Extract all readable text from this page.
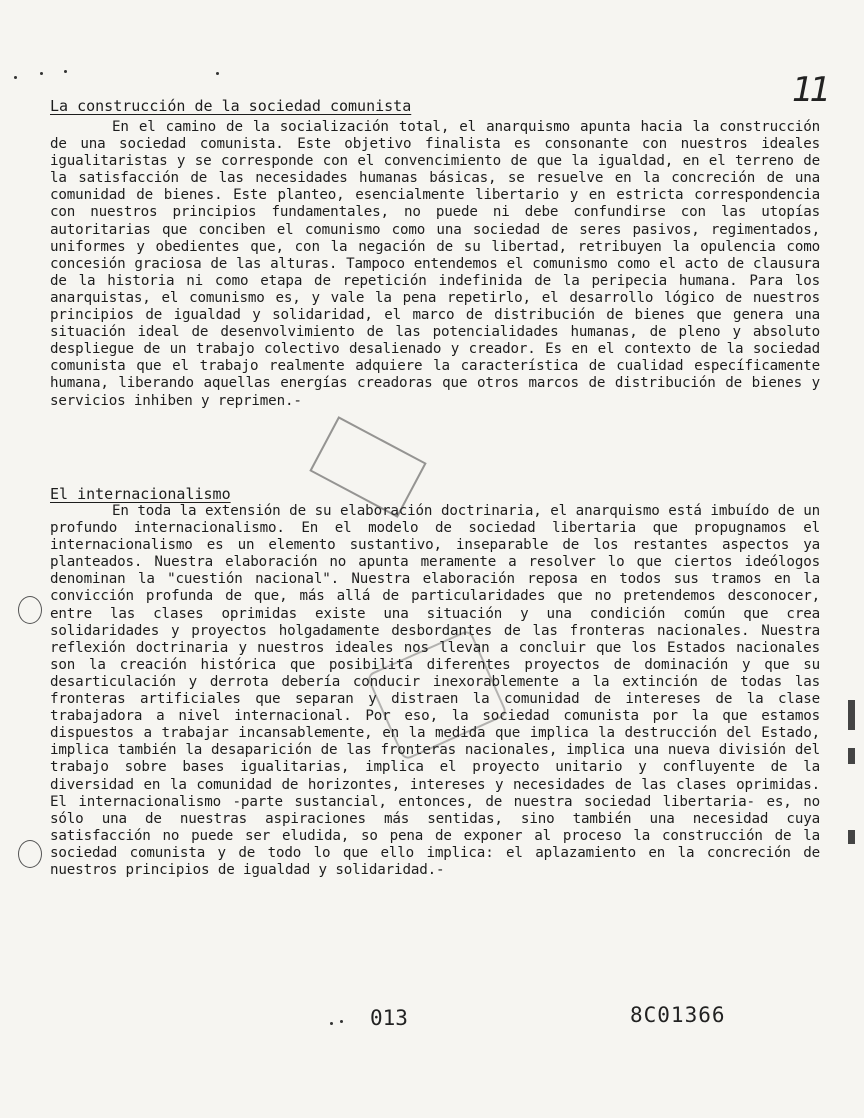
11
La construcción de la sociedad comunista

En el camino de la socialización total, el anarquismo apunta hacia la construcción de una sociedad comunista. Este objetivo finalista es consonante con nuestros ideales igualitaristas y se corresponde con el convencimiento de que la igualdad, en el terreno de la satisfacción de las necesidades humanas básicas, se resuelve en la concreción de una comunidad de bienes. Este planteo, esencialmente libertario y en estricta correspondencia con nuestros principios fundamentales, no puede ni debe confundirse con las utopías autoritarias que conciben el comunismo como una sociedad de seres pasivos, regimentados, uniformes y obedientes que, con la negación de su libertad, retribuyen la opulencia como concesión graciosa de las alturas. Tampoco entendemos el comunismo como el acto de clausura de la historia ni como etapa de repetición indefinida de la peripecia humana. Para los anarquistas, el comunismo es, y vale la pena repetirlo, el desarrollo lógico de nuestros principios de igualdad y solidaridad, el marco de distribución de bienes que genera una situación ideal de desenvolvimiento de las potencialidades humanas, de pleno y absoluto despliegue de un trabajo colectivo desalienado y creador. Es en el contexto de la sociedad comunista que el trabajo realmente adquiere la característica de cualidad específicamente humana, liberando aquellas energías creadoras que otros marcos de distribución de bienes y servicios inhiben y reprimen.-

El internacionalismo

En toda la extensión de su elaboración doctrinaria, el anarquismo está imbuído de un profundo internacionalismo. En el modelo de sociedad libertaria que propugnamos el internacionalismo es un elemento sustantivo, inseparable de los restantes aspectos ya planteados. Nuestra elaboración no apunta meramente a resolver lo que ciertos ideólogos denominan la "cuestión nacional". Nuestra elaboración reposa en todos sus tramos en la convicción profunda de que, más allá de particularidades que no pretendemos desconocer, entre las clases oprimidas existe una situación y una condición común que crea solidaridades y proyectos holgadamente desbordantes de las fronteras nacionales. Nuestra reflexión doctrinaria y nuestros ideales nos llevan a concluir que los Estados nacionales son la creación histórica que posibilita diferentes proyectos de dominación y que su desarticulación y derrota debería conducir inexorablemente a la extinción de todas las fronteras artificiales que separan y distraen la comunidad de intereses de la clase trabajadora a nivel internacional. Por eso, la sociedad comunista por la que estamos dispuestos a trabajar incansablemente, en la medida que implica la destrucción del Estado, implica también la desaparición de las fronteras nacionales, implica una nueva división del trabajo sobre bases igualitarias, implica el proyecto unitario y confluyente de la diversidad en la comunidad de horizontes, intereses y necesidades de las clases oprimidas. El internacionalismo -parte sustancial, entonces, de nuestra sociedad libertaria- es, no sólo una de nuestras aspiraciones más sentidas, sino también una necesidad cuya satisfacción no puede ser eludida, so pena de exponer al proceso la construcción de la sociedad comunista y de todo lo que ello implica: el aplazamiento en la concreción de nuestros principios de igualdad y solidaridad.-

013	8C01366
